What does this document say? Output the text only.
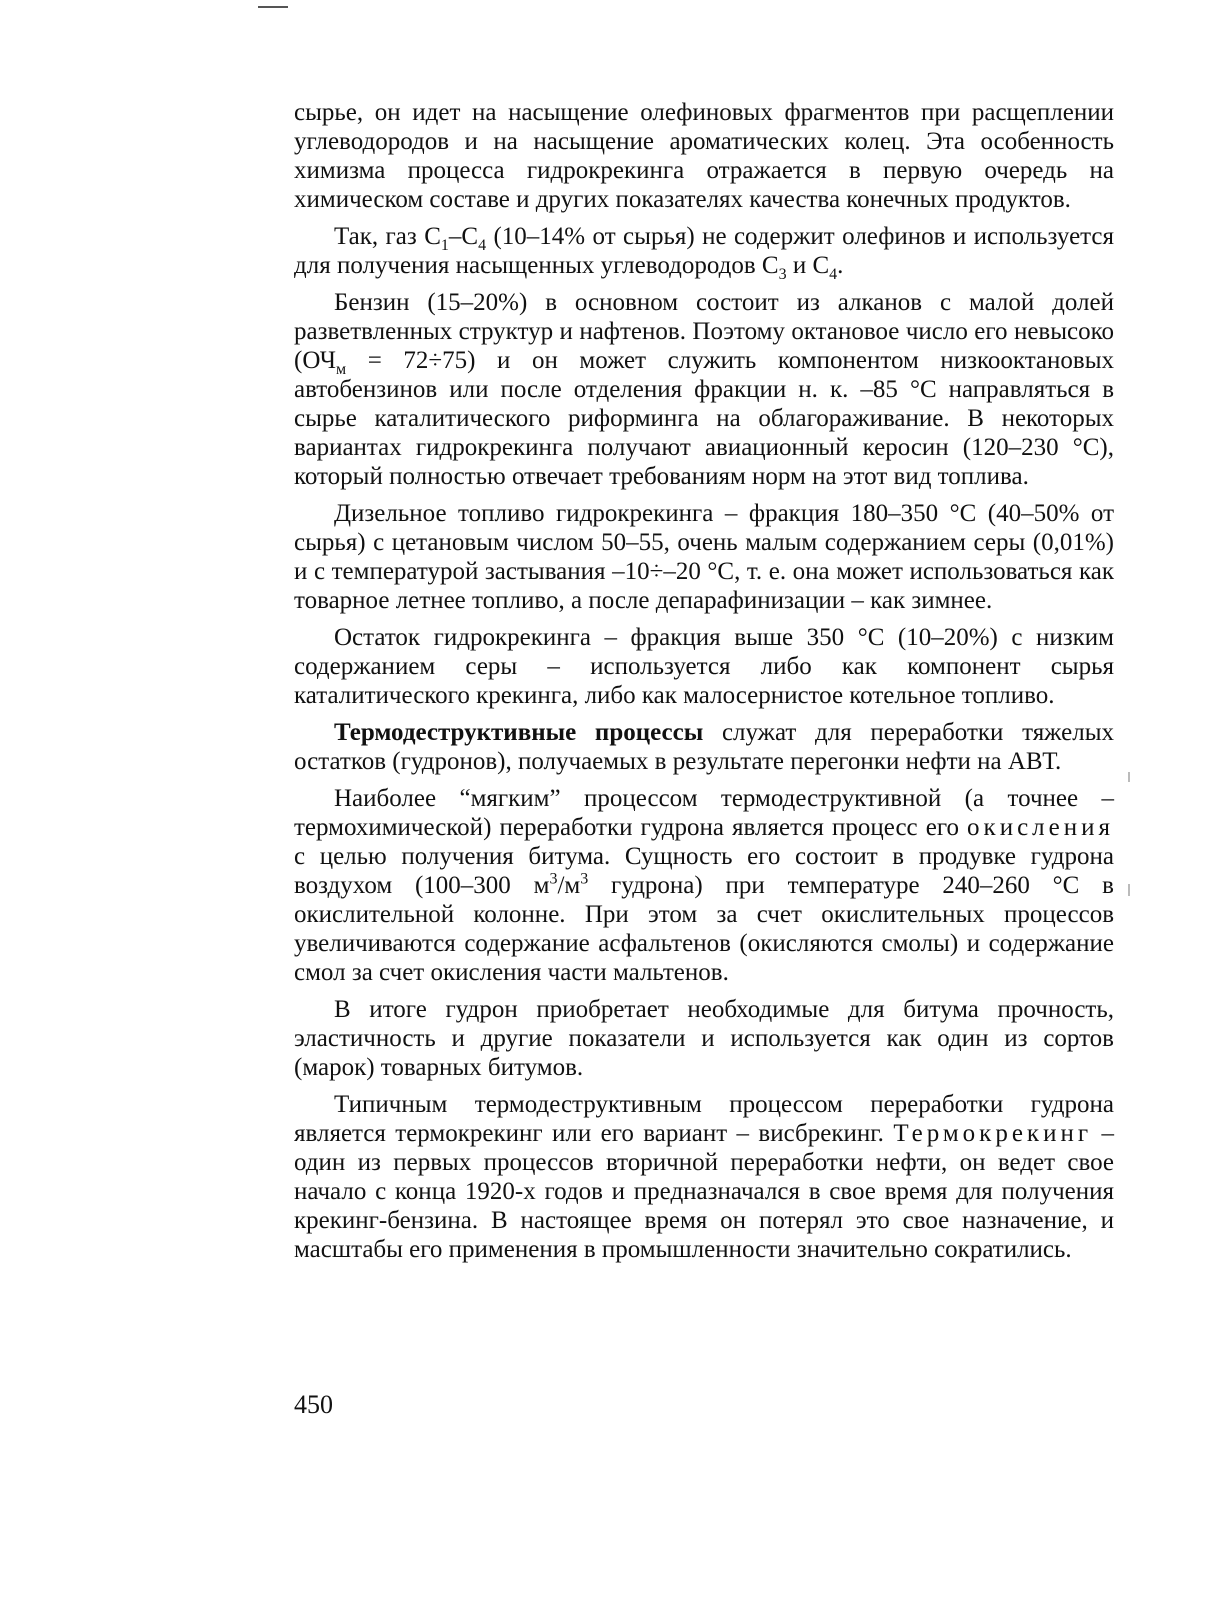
сырье, он идет на насыщение олефиновых фрагментов при расщеплении углеводородов и на насыщение ароматических колец. Эта особенность химизма процесса гидрокрекинга отражается в первую очередь на химическом составе и других показателях качества конечных продуктов.

Так, газ $C_1-C_4$ (10–14% от сырья) не содержит олефинов и используется для получения насыщенных углеводородов $C_3$ и $C_4$.

Бензин (15–20%) в основном состоит из алканов с малой долей разветвленных структур и нафтенов. Поэтому октановое число его невысоко $(ОЧ_м = 72\div 75)$ и он может служить компонентом низкооктановых автобензинов или после отделения фракции н. к. –85 °С направляться в сырье каталитического риформинга на облагораживание. В некоторых вариантах гидрокрекинга получают авиационный керосин (120–230 °С), который полностью отвечает требованиям норм на этот вид топлива.

Дизельное топливо гидрокрекинга – фракция 180–350 °С (40–50% от сырья) с цетановым числом 50–55, очень малым содержанием серы (0,01%) и с температурой застывания –10÷–20 °С, т. е. она может использоваться как товарное летнее топливо, а после депарафинизации – как зимнее.

Остаток гидрокрекинга – фракция выше 350 °С (10–20%) с низким содержанием серы – используется либо как компонент сырья каталитического крекинга, либо как малосернистое котельное топливо.

Термодеструктивные процессы служат для переработки тяжелых остатков (гудронов), получаемых в результате перегонки нефти на АВТ.

Наиболее “мягким” процессом термодеструктивной (а точнее – термохимической) переработки гудрона является процесс его окисления с целью получения битума. Сущность его состоит в продувке гудрона воздухом (100–300 $м^3/м^3$ гудрона) при температуре 240–260 °С в окислительной колонне. При этом за счет окислительных процессов увеличиваются содержание асфальтенов (окисляются смолы) и содержание смол за счет окисления части мальтенов.

В итоге гудрон приобретает необходимые для битума прочность, эластичность и другие показатели и используется как один из сортов (марок) товарных битумов.

Типичным термодеструктивным процессом переработки гудрона является термокрекинг или его вариант – висбрекинг. Термокрекинг – один из первых процессов вторичной переработки нефти, он ведет свое начало с конца 1920-х годов и предназначался в свое время для получения крекинг-бензина. В настоящее время он потерял это свое назначение, и масштабы его применения в промышленности значительно сократились.

450
